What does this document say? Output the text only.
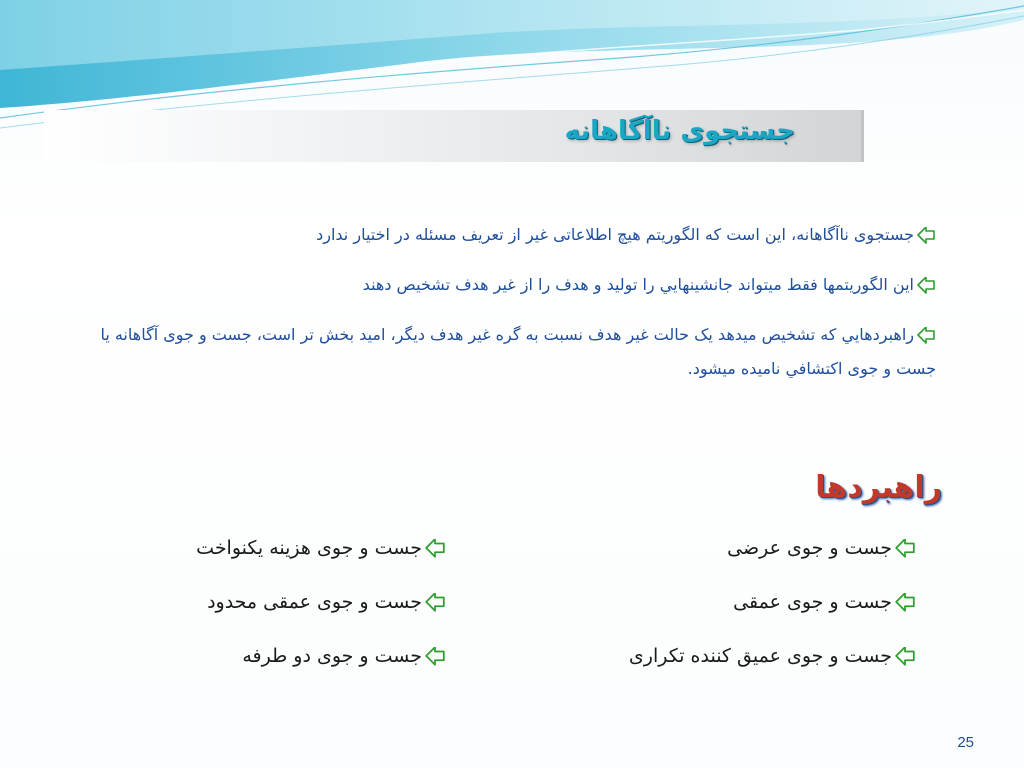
جستجوی ناآگاهانه
جستجوی ناآگاهانه، این است که الگوریتم هیچ اطلاعاتی غیر از تعریف مسئله در اختیار ندارد
این الگوریتمها فقط میتواند جانشینهايي را تولید و هدف را از غیر هدف تشخیص دهند
راهبردهايي که تشخیص میدهد یک حالت غیر هدف نسبت به گره غیر هدف دیگر، امید بخش تر است، جست و جوی آگاهانه یا جست و جوی اکتشافي نامیده میشود.
راهبردها
جست و جوی عرضی
جست و جوی عمقی
جست و جوی عمیق کننده تکراری
جست و جوی هزینه یکنواخت
جست و جوی عمقی محدود
جست و جوی دو طرفه
25
